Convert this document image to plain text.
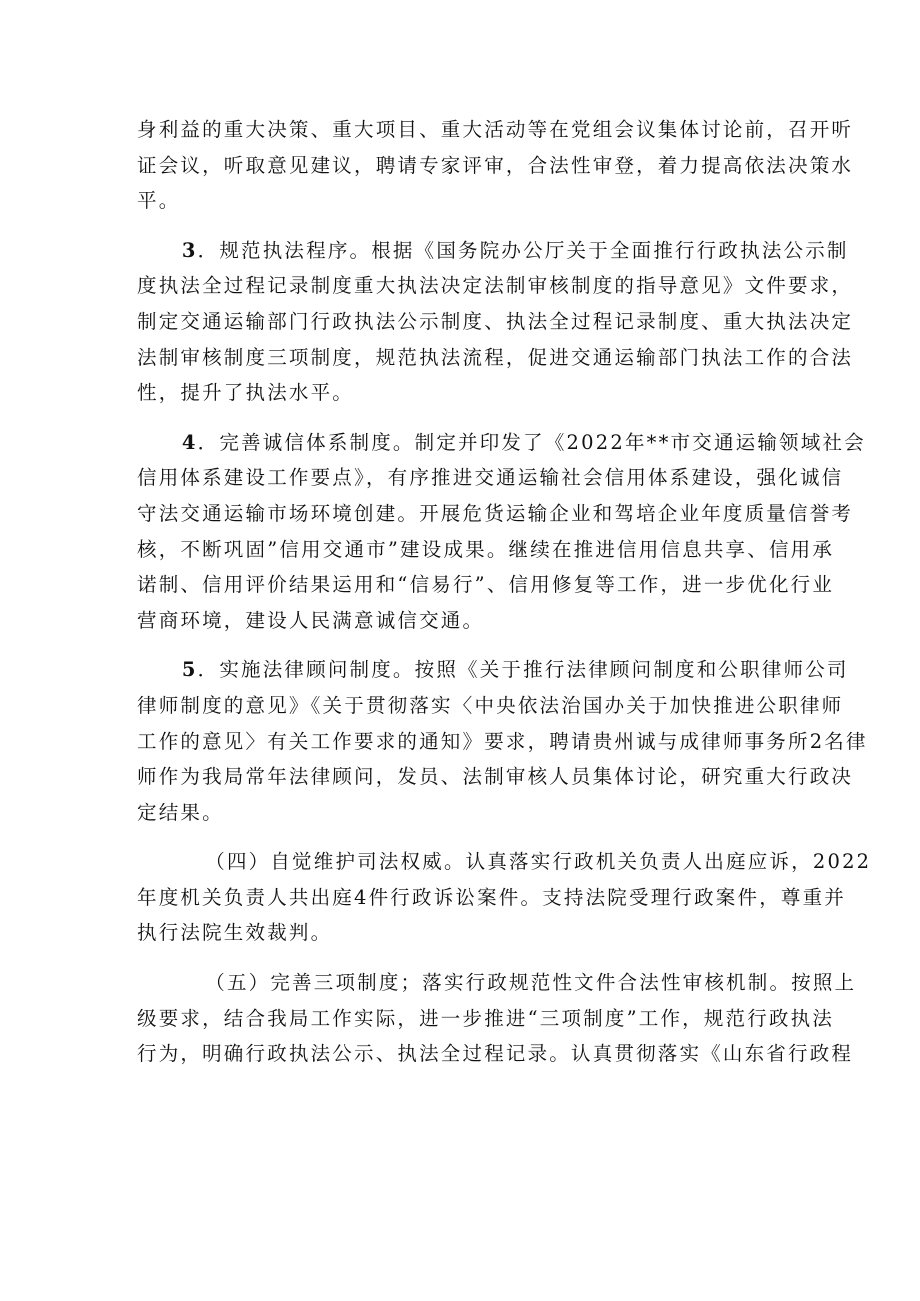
身利益的重大决策、重大项目、重大活动等在党组会议集体讨论前，召开听
证会议，听取意见建议，聘请专家评审，合法性审登，着力提高依法决策水
平。
3．规范执法程序。根据《国务院办公厅关于全面推行行政执法公示制
度执法全过程记录制度重大执法决定法制审核制度的指导意见》文件要求，
制定交通运输部门行政执法公示制度、执法全过程记录制度、重大执法决定
法制审核制度三项制度，规范执法流程，促进交通运输部门执法工作的合法
性，提升了执法水平。
4．完善诚信体系制度。制定并印发了《2022年**市交通运输领域社会
信用体系建设工作要点》，有序推进交通运输社会信用体系建设，强化诚信
守法交通运输市场环境创建。开展危货运输企业和驾培企业年度质量信誉考
核，不断巩固”信用交通市”建设成果。继续在推进信用信息共享、信用承
诺制、信用评价结果运用和“信易行”、信用修复等工作，进一步优化行业
营商环境，建设人民满意诚信交通。
5．实施法律顾问制度。按照《关于推行法律顾问制度和公职律师公司
律师制度的意见》《关于贯彻落实〈中央依法治国办关于加快推进公职律师
工作的意见〉有关工作要求的通知》要求，聘请贵州诚与成律师事务所2名律
师作为我局常年法律顾问，发员、法制审核人员集体讨论，研究重大行政决
定结果。
（四）自觉维护司法权威。认真落实行政机关负责人出庭应诉，2022
年度机关负责人共出庭4件行政诉讼案件。支持法院受理行政案件，尊重并
执行法院生效裁判。
（五）完善三项制度；落实行政规范性文件合法性审核机制。按照上
级要求，结合我局工作实际，进一步推进“三项制度”工作，规范行政执法
行为，明确行政执法公示、执法全过程记录。认真贯彻落实《山东省行政程
